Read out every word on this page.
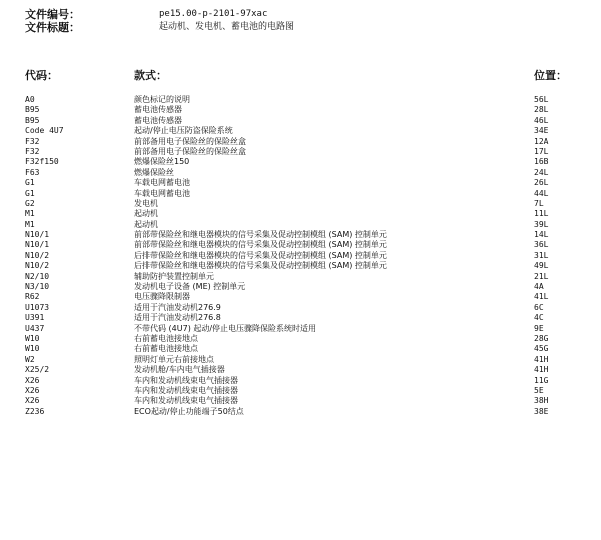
文件编号：	pe15.00-p-2101-97xac
文件标题：	起动机、发电机、蓄电池的电路图
代码：	款式：	位置：
A0	颜色标记的说明	56L
B95	蓄电池传感器	28L
B95	蓄电池传感器	46L
Code 4U7	起动/停止电压防盗保险系统	34E
F32	前部备用电子保险丝的保险丝盒	12A
F32	前部备用电子保险丝的保险丝盒	17L
F32f150	燃爆保险丝150	16B
F63	燃爆保险丝	24L
G1	车载电网蓄电池	26L
G1	车载电网蓄电池	44L
G2	发电机	7L
M1	起动机	11L
M1	起动机	39L
N10/1	前部带保险丝和继电器模块的信号采集及促动控制模组 (SAM) 控制单元	14L
N10/1	前部带保险丝和继电器模块的信号采集及促动控制模组 (SAM) 控制单元	36L
N10/2	后排带保险丝和继电器模块的信号采集及促动控制模组 (SAM) 控制单元	31L
N10/2	后排带保险丝和继电器模块的信号采集及促动控制模组 (SAM) 控制单元	49L
N2/10	辅助防护装置控制单元	21L
N3/10	发动机电子设备 (ME) 控制单元	4A
R62	电压骤降限制器	41L
U1073	适用于汽油发动机276.9	6C
U391	适用于汽油发动机276.8	4C
U437	不带代码 (4U7) 起动/停止电压骤降保险系统时适用	9E
W10	右前蓄电池接地点	28G
W10	右前蓄电池接地点	45G
W2	照明灯单元右前接地点	41H
X25/2	发动机舱/车内电气插接器	41H
X26	车内和发动机线束电气插接器	11G
X26	车内和发动机线束电气插接器	5E
X26	车内和发动机线束电气插接器	38H
Z236	ECO起动/停止功能端子50结点	38E
